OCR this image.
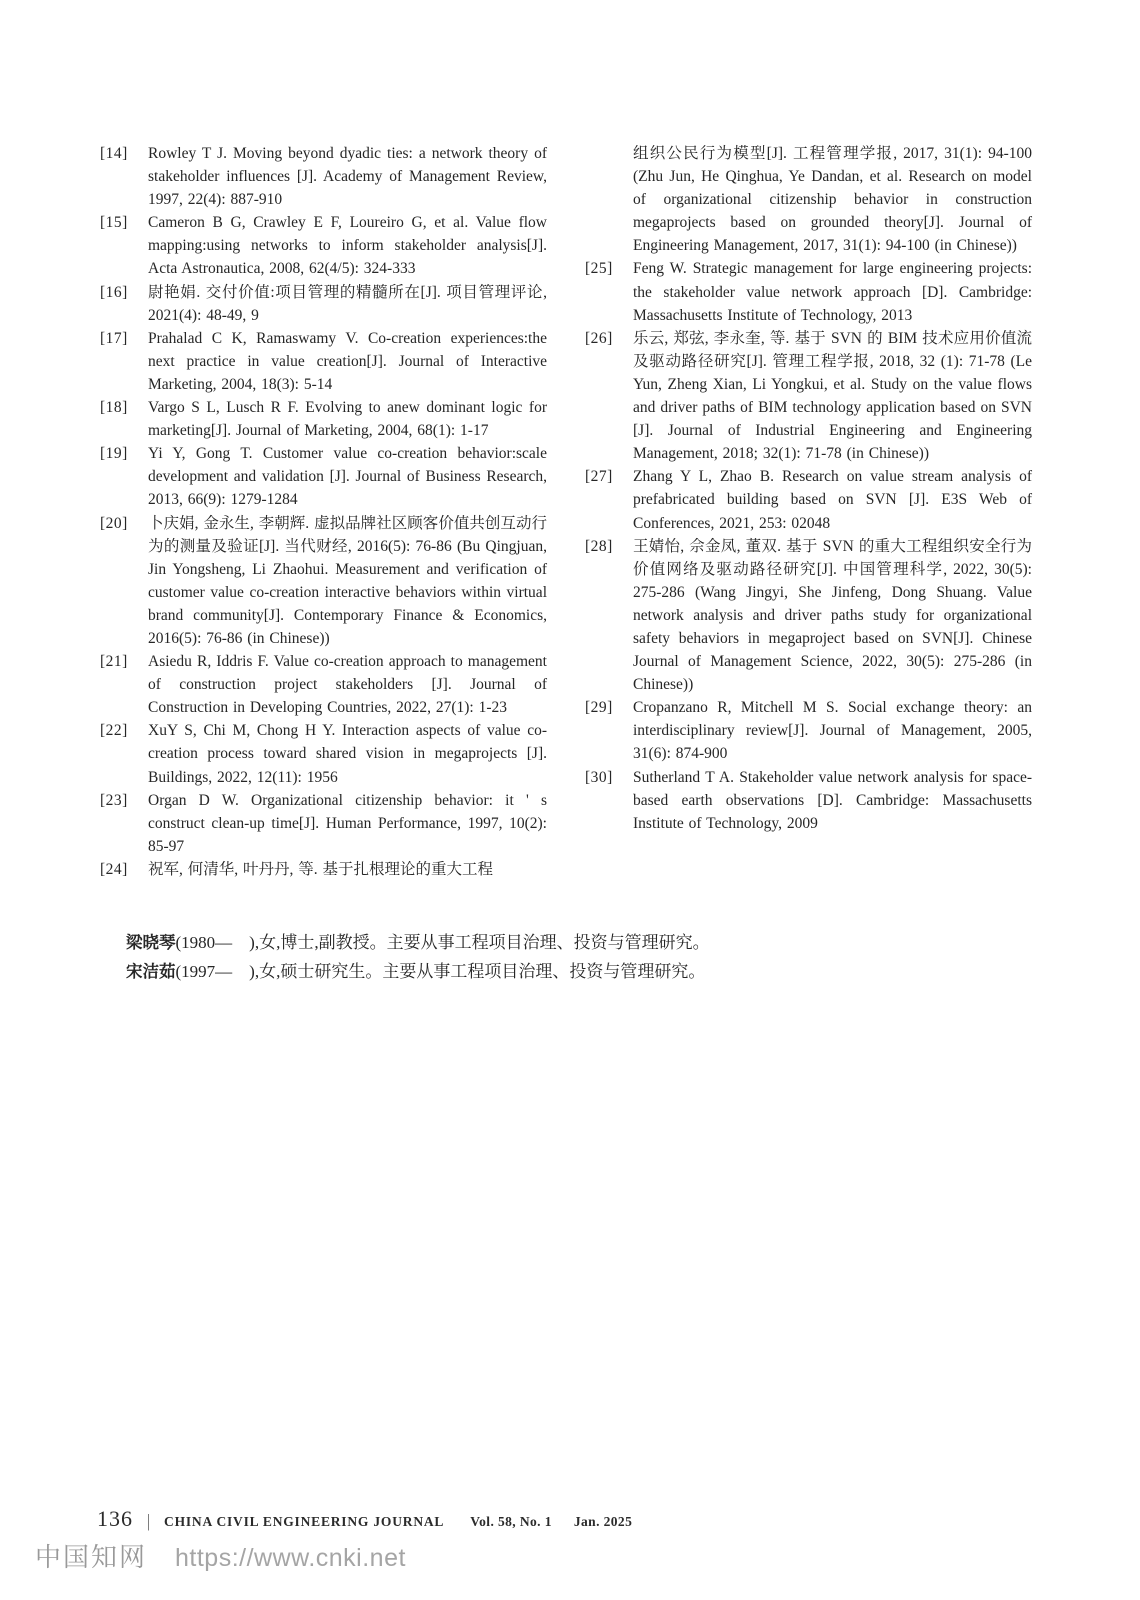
[14]	Rowley T J. Moving beyond dyadic ties: a network theory of stakeholder influences [J]. Academy of Management Review, 1997, 22(4): 887-910
[15]	Cameron B G, Crawley E F, Loureiro G, et al. Value flow mapping:using networks to inform stakeholder analysis[J]. Acta Astronautica, 2008, 62(4/5): 324-333
[16]	尉艳娟. 交付价值:项目管理的精髓所在[J]. 项目管理评论, 2021(4): 48-49, 9
[17]	Prahalad C K, Ramaswamy V. Co-creation experiences:the next practice in value creation[J]. Journal of Interactive Marketing, 2004, 18(3): 5-14
[18]	Vargo S L, Lusch R F. Evolving to anew dominant logic for marketing[J]. Journal of Marketing, 2004, 68(1): 1-17
[19]	Yi Y, Gong T. Customer value co-creation behavior:scale development and validation [J]. Journal of Business Research, 2013, 66(9): 1279-1284
[20]	卜庆娟, 金永生, 李朝辉. 虚拟品牌社区顾客价值共创互动行为的测量及验证[J]. 当代财经, 2016(5): 76-86 (Bu Qingjuan, Jin Yongsheng, Li Zhaohui. Measurement and verification of customer value co-creation interactive behaviors within virtual brand community[J]. Contemporary Finance & Economics, 2016(5): 76-86 (in Chinese))
[21]	Asiedu R, Iddris F. Value co-creation approach to management of construction project stakeholders [J]. Journal of Construction in Developing Countries, 2022, 27(1): 1-23
[22]	XuY S, Chi M, Chong H Y. Interaction aspects of value co-creation process toward shared vision in megaprojects [J]. Buildings, 2022, 12(11): 1956
[23]	Organ D W. Organizational citizenship behavior: it ' s construct clean-up time[J]. Human Performance, 1997, 10(2): 85-97
[24]	祝军, 何清华, 叶丹丹, 等. 基于扎根理论的重大工程
组织公民行为模型[J]. 工程管理学报, 2017, 31(1): 94-100 (Zhu Jun, He Qinghua, Ye Dandan, et al. Research on model of organizational citizenship behavior in construction megaprojects based on grounded theory[J]. Journal of Engineering Management, 2017, 31(1): 94-100 (in Chinese))
[25]	Feng W. Strategic management for large engineering projects: the stakeholder value network approach [D]. Cambridge: Massachusetts Institute of Technology, 2013
[26]	乐云, 郑弦, 李永奎, 等. 基于 SVN 的 BIM 技术应用价值流及驱动路径研究[J]. 管理工程学报, 2018, 32 (1): 71-78 (Le Yun, Zheng Xian, Li Yongkui, et al. Study on the value flows and driver paths of BIM technology application based on SVN [J]. Journal of Industrial Engineering and Engineering Management, 2018; 32(1): 71-78 (in Chinese))
[27]	Zhang Y L, Zhao B. Research on value stream analysis of prefabricated building based on SVN [J]. E3S Web of Conferences, 2021, 253: 02048
[28]	王婧怡, 佘金凤, 董双. 基于 SVN 的重大工程组织安全行为价值网络及驱动路径研究[J]. 中国管理科学, 2022, 30(5): 275-286 (Wang Jingyi, She Jinfeng, Dong Shuang. Value network analysis and driver paths study for organizational safety behaviors in megaproject based on SVN[J]. Chinese Journal of Management Science, 2022, 30(5): 275-286 (in Chinese))
[29]	Cropanzano R, Mitchell M S. Social exchange theory: an interdisciplinary review[J]. Journal of Management, 2005, 31(6): 874-900
[30]	Sutherland T A. Stakeholder value network analysis for space-based earth observations [D]. Cambridge: Massachusetts Institute of Technology, 2009
梁晓琴(1980—　),女,博士,副教授。主要从事工程项目治理、投资与管理研究。
宋洁茹(1997—　),女,硕士研究生。主要从事工程项目治理、投资与管理研究。
136 | CHINA CIVIL ENGINEERING JOURNAL Vol. 58, No. 1 Jan. 2025
中国知网 https://www.cnki.net
